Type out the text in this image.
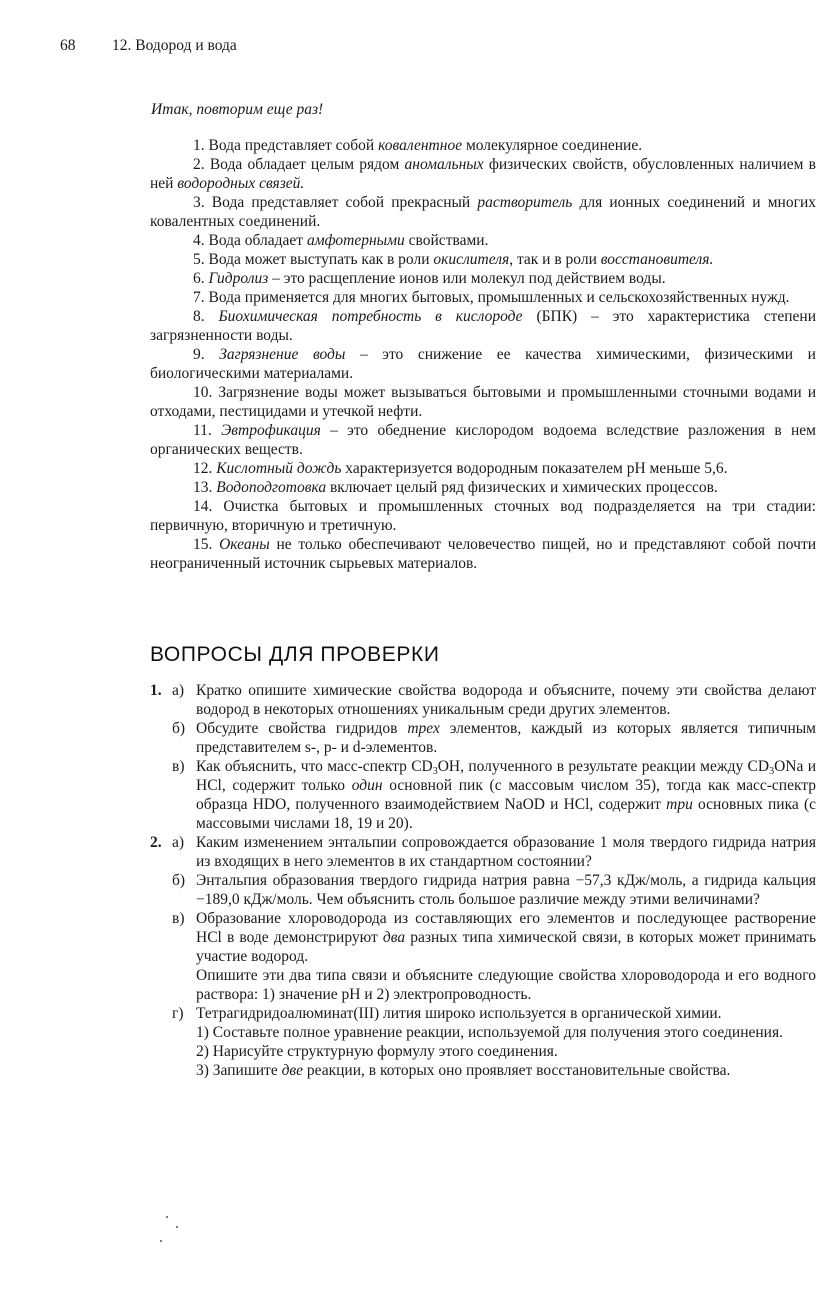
68 12. Водород и вода
Итак, повторим еще раз!

1. Вода представляет собой ковалентное молекулярное соединение.

2. Вода обладает целым рядом аномальных физических свойств, обусловленных наличием в ней водородных связей.

3. Вода представляет собой прекрасный растворитель для ионных соединений и многих ковалентных соединений.

4. Вода обладает амфотерными свойствами.

5. Вода может выступать как в роли окислителя, так и в роли восстановителя.

6. Гидролиз – это расщепление ионов или молекул под действием воды.

7. Вода применяется для многих бытовых, промышленных и сельскохозяйственных нужд.

8. Биохимическая потребность в кислороде (БПК) – это характеристика степени загрязненности воды.

9. Загрязнение воды – это снижение ее качества химическими, физическими и биологическими материалами.

10. Загрязнение воды может вызываться бытовыми и промышленными сточными водами и отходами, пестицидами и утечкой нефти.

11. Эвтрофикация – это обеднение кислородом водоема вследствие разложения в нем органических веществ.

12. Кислотный дождь характеризуется водородным показателем рН меньше 5,6.

13. Водоподготовка включает целый ряд физических и химических процессов.

14. Очистка бытовых и промышленных сточных вод подразделяется на три стадии: первичную, вторичную и третичную.

15. Океаны не только обеспечивают человечество пищей, но и представляют собой почти неограниченный источник сырьевых материалов.

ВОПРОСЫ ДЛЯ ПРОВЕРКИ
1. а) Кратко опишите химические свойства водорода и объясните, почему эти свойства делают водород в некоторых отношениях уникальным среди других элементов.
б) Обсудите свойства гидридов трех элементов, каждый из которых является типичным представителем s-, p- и d-элементов.
в) Как объяснить, что масс-спектр $CD_3OH$, полученного в результате реакции между $CD_3ONa$ и HCl, содержит только один основной пик (с массовым числом 35), тогда как масс-спектр образца HDO, полученного взаимодействием NaOD и HCl, содержит три основных пика (с массовыми числами 18, 19 и 20).
2. а) Каким изменением энтальпии сопровождается образование 1 моля твердого гидрида натрия из входящих в него элементов в их стандартном состоянии?
б) Энтальпия образования твердого гидрида натрия равна −57,3 кДж/моль, а гидрида кальция −189,0 кДж/моль. Чем объяснить столь большое различие между этими величинами?
в) Образование хлороводорода из составляющих его элементов и последующее растворение HCl в воде демонстрируют два разных типа химической связи, в которых может принимать участие водород.

Опишите эти два типа связи и объясните следующие свойства хлороводорода и его водного раствора: 1) значение рН и 2) электропроводность.

г) Тетрагидридоалюминат(III) лития широко используется в органической химии.

1) Составьте полное уравнение реакции, используемой для получения этого соединения.

2) Нарисуйте структурную формулу этого соединения.

3) Запишите две реакции, в которых оно проявляет восстановительные свойства.
